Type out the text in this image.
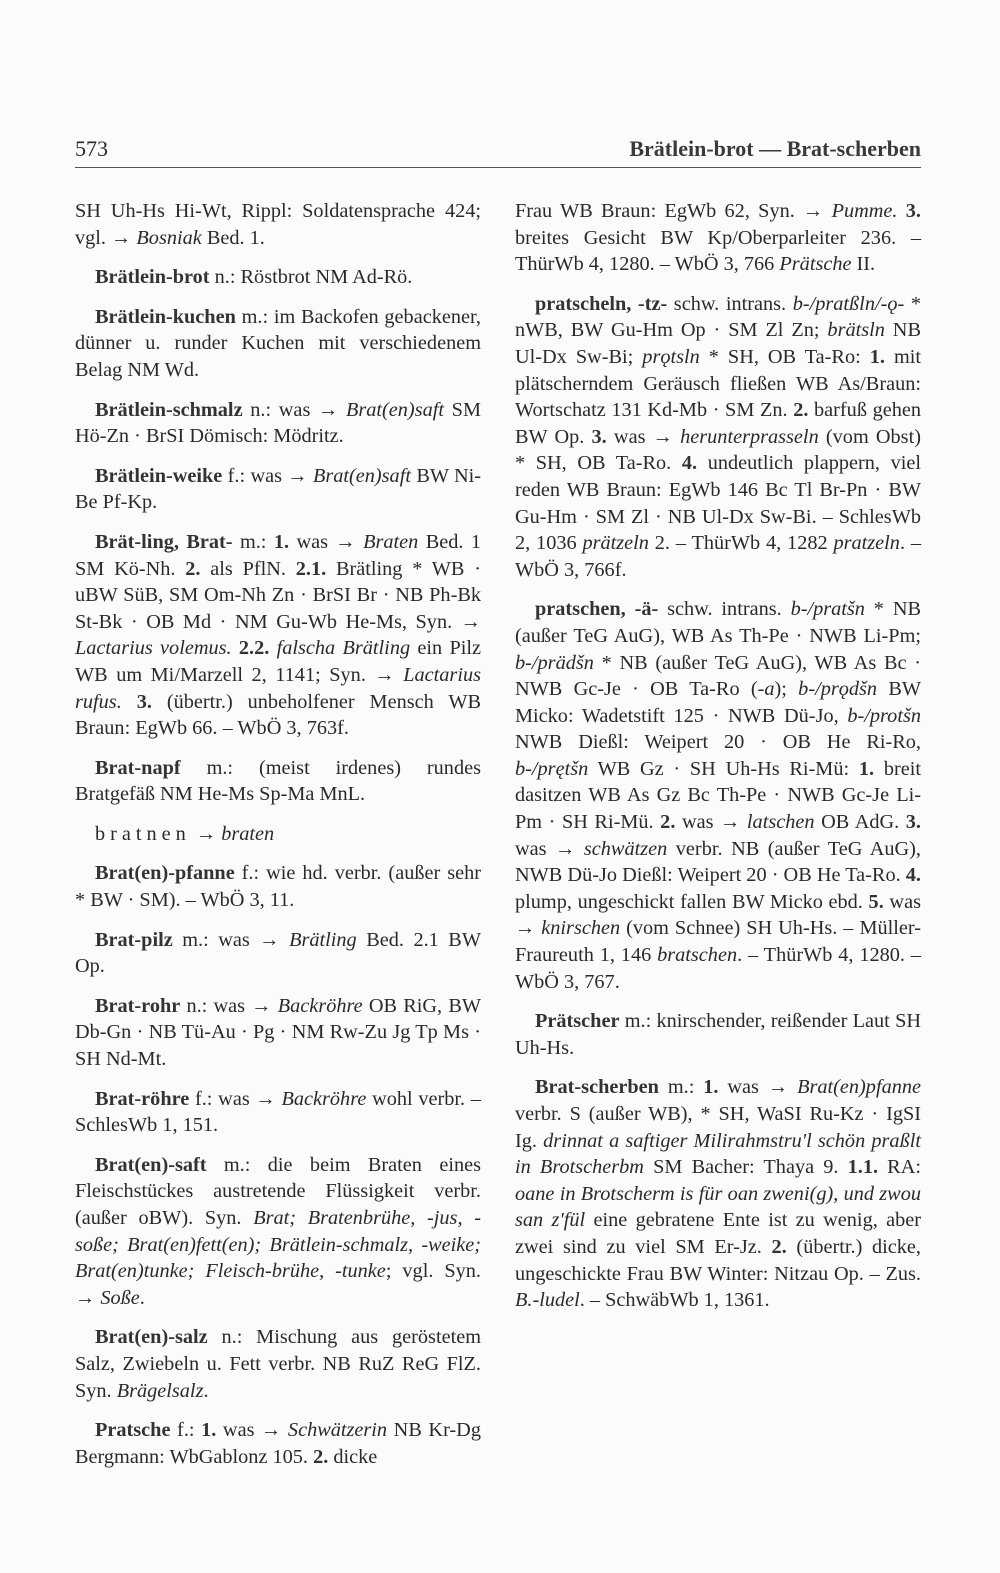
573	Brätlein-brot — Brat-scherben

SH Uh-Hs Hi-Wt, Rippl: Soldatensprache 424; vgl. → Bosniak Bed. 1.

Brätlein-brot n.: Röstbrot NM Ad-Rö.

Brätlein-kuchen m.: im Backofen gebackener, dünner u. runder Kuchen mit verschiedenem Belag NM Wd.

Brätlein-schmalz n.: was → Brat(en)saft SM Hö-Zn · BrSI Dömisch: Mödritz.

Brätlein-weike f.: was → Brat(en)saft BW Ni-Be Pf-Kp.

Brät-ling, Brat- m.: 1. was → Braten Bed. 1 SM Kö-Nh. 2. als PflN. 2.1. Brätling * WB · uBW SüB, SM Om-Nh Zn · BrSI Br · NB Ph-Bk St-Bk · OB Md · NM Gu-Wb He-Ms, Syn. → Lactarius volemus. 2.2. falscha Brätling ein Pilz WB um Mi/Marzell 2, 1141; Syn. → Lactarius rufus. 3. (übertr.) unbeholfener Mensch WB Braun: EgWb 66. – WbÖ 3, 763f.

Brat-napf m.: (meist irdenes) rundes Bratgefäß NM He-Ms Sp-Ma MnL.

bratnen → braten

Brat(en)-pfanne f.: wie hd. verbr. (außer sehr * BW · SM). – WbÖ 3, 11.

Brat-pilz m.: was → Brätling Bed. 2.1 BW Op.

Brat-rohr n.: was → Backröhre OB RiG, BW Db-Gn · NB Tü-Au · Pg · NM Rw-Zu Jg Tp Ms · SH Nd-Mt.

Brat-röhre f.: was → Backröhre wohl verbr. – SchlesWb 1, 151.

Brat(en)-saft m.: die beim Braten eines Fleischstückes austretende Flüssigkeit verbr. (außer oBW). Syn. Brat; Bratenbrühe, -jus, -soße; Brat(en)fett(en); Brätlein-schmalz, -weike; Brat(en)tunke; Fleisch-brühe, -tunke; vgl. Syn. → Soße.

Brat(en)-salz n.: Mischung aus geröstetem Salz, Zwiebeln u. Fett verbr. NB RuZ ReG FlZ. Syn. Brägelsalz.

Pratsche f.: 1. was → Schwätzerin NB Kr-Dg Bergmann: WbGablonz 105. 2. dicke

Frau WB Braun: EgWb 62, Syn. → Pumme. 3. breites Gesicht BW Kp/Oberparleiter 236. – ThürWb 4, 1280. – WbÖ 3, 766 Prätsche II.

pratscheln, -tz- schw. intrans. b-/pratßln/-ǫ- * nWB, BW Gu-Hm Op · SM Zl Zn; brätsln NB Ul-Dx Sw-Bi; prǫtsln * SH, OB Ta-Ro: 1. mit plätscherndem Geräusch fließen WB As/Braun: Wortschatz 131 Kd-Mb · SM Zn. 2. barfuß gehen BW Op. 3. was → herunterprasseln (vom Obst) * SH, OB Ta-Ro. 4. undeutlich plappern, viel reden WB Braun: EgWb 146 Bc Tl Br-Pn · BW Gu-Hm · SM Zl · NB Ul-Dx Sw-Bi. – SchlesWb 2, 1036 prätzeln 2. – ThürWb 4, 1282 pratzeln. – WbÖ 3, 766f.

pratschen, -ä- schw. intrans. b-/pratšn * NB (außer TeG AuG), WB As Th-Pe · NWB Li-Pm; b-/prädšn * NB (außer TeG AuG), WB As Bc · NWB Gc-Je · OB Ta-Ro (-a); b-/prǫdšn BW Micko: Wadetstift 125 · NWB Dü-Jo, b-/protšn NWB Dießl: Weipert 20 · OB He Ri-Ro, b-/prętšn WB Gz · SH Uh-Hs Ri-Mü: 1. breit dasitzen WB As Gz Bc Th-Pe · NWB Gc-Je Li-Pm · SH Ri-Mü. 2. was → latschen OB AdG. 3. was → schwätzen verbr. NB (außer TeG AuG), NWB Dü-Jo Dießl: Weipert 20 · OB He Ta-Ro. 4. plump, ungeschickt fallen BW Micko ebd. 5. was → knirschen (vom Schnee) SH Uh-Hs. – Müller-Fraureuth 1, 146 bratschen. – ThürWb 4, 1280. – WbÖ 3, 767.

Prätscher m.: knirschender, reißender Laut SH Uh-Hs.

Brat-scherben m.: 1. was → Brat(en)pfanne verbr. S (außer WB), * SH, WaSI Ru-Kz · IgSI Ig. drinnat a saftiger Milirahmstru'l schön praßlt in Brotscherbm SM Bacher: Thaya 9. 1.1. RA: oane in Brotscherm is für oan zweni(g), und zwou san z'fül eine gebratene Ente ist zu wenig, aber zwei sind zu viel SM Er-Jz. 2. (übertr.) dicke, ungeschickte Frau BW Winter: Nitzau Op. – Zus. B.-ludel. – SchwäbWb 1, 1361.
